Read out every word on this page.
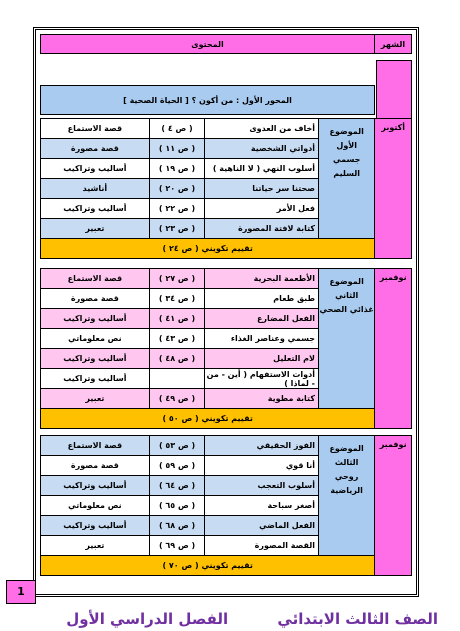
الشهر	المحتوى
المحور الأول : من أكون ؟ [ الحياة الصحية ]
أكتوبر	الموضوع الأول
جسمي السليم	أخاف من العدوى	( ص ٤ )	قصة الاستماع
		أدواتي الشخصية	( ص ١١ )	قصة مصورة
		أسلوب النهي ( لا الناهية )	( ص ١٩ )	أساليب وتراكيب
		صحتنا سر حياتنا	( ص ٢٠ )	أناشيد
		فعل الأمر	( ص ٢٢ )	أساليب وتراكيب
		كتابة لافتة المصورة	( ص ٢٣ )	تعبير
	تقييم تكويني ( ص ٢٤ )			
نوفمبر	الموضوع الثاني
غذائي الصحي	الأطعمة البحرية	( ص ٢٧ )	قصة الاستماع
		طبق طعام	( ص ٣٤ )	قصة مصورة
		الفعل المضارع	( ص ٤١ )	أساليب وتراكيب
		جسمي وعناصر الغذاء	( ص ٤٣ )	نص معلوماتي
		لام التعليل	( ص ٤٨ )	أساليب وتراكيب
		أدوات الاستفهام ( أين - من - لماذا )		أساليب وتراكيب
		كتابة مطوية	( ص ٤٩ )	تعبير
	تقييم تكويني ( ص ٥٠ )			
نوفمبر	الموضوع الثالث
روحي الرياضية	الفوز الحقيقي	( ص ٥٣ )	قصة الاستماع
		أنا قوي	( ص ٥٩ )	قصة مصورة
		أسلوب التعجب	( ص ٦٤ )	أساليب وتراكيب
		أصغر سباحة	( ص ٦٥ )	نص معلوماتي
		الفعل الماضي	( ص ٦٨ )	أساليب وتراكيب
		القصة المصورة	( ص ٦٩ )	تعبير
	تقييم تكويني ( ص ٧٠ )			
1
الصف الثالث الابتدائي الفصل الدراسي الأول
